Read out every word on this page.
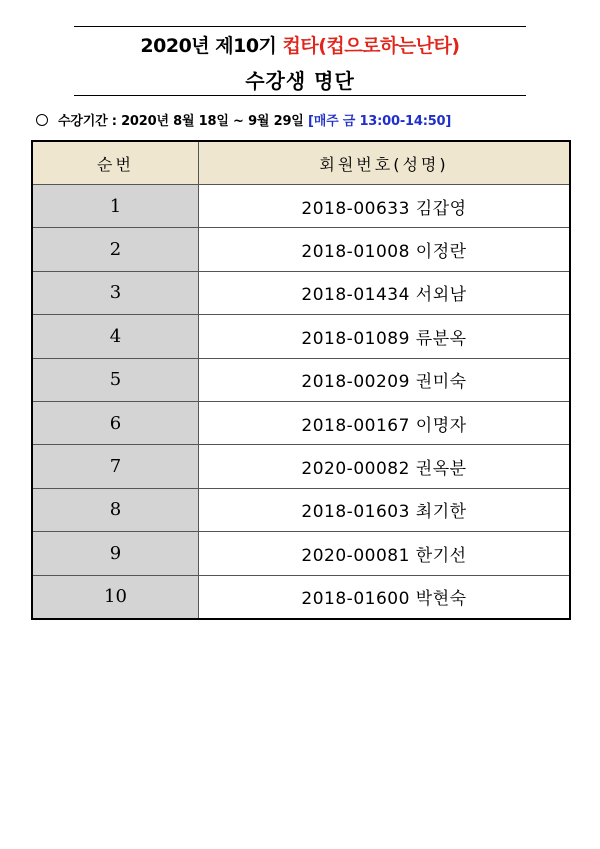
2020년 제10기 컵타(컵으로하는난타)
수강생 명단
수강기간 : 2020년 8월 18일 ~ 9월 29일 [매주 금 13:00-14:50]
순번	회원번호(성명)
1	2018-00633 김갑영
2	2018-01008 이정란
3	2018-01434 서외남
4	2018-01089 류분옥
5	2018-00209 권미숙
6	2018-00167 이명자
7	2020-00082 권옥분
8	2018-01603 최기한
9	2020-00081 한기선
10	2018-01600 박현숙
